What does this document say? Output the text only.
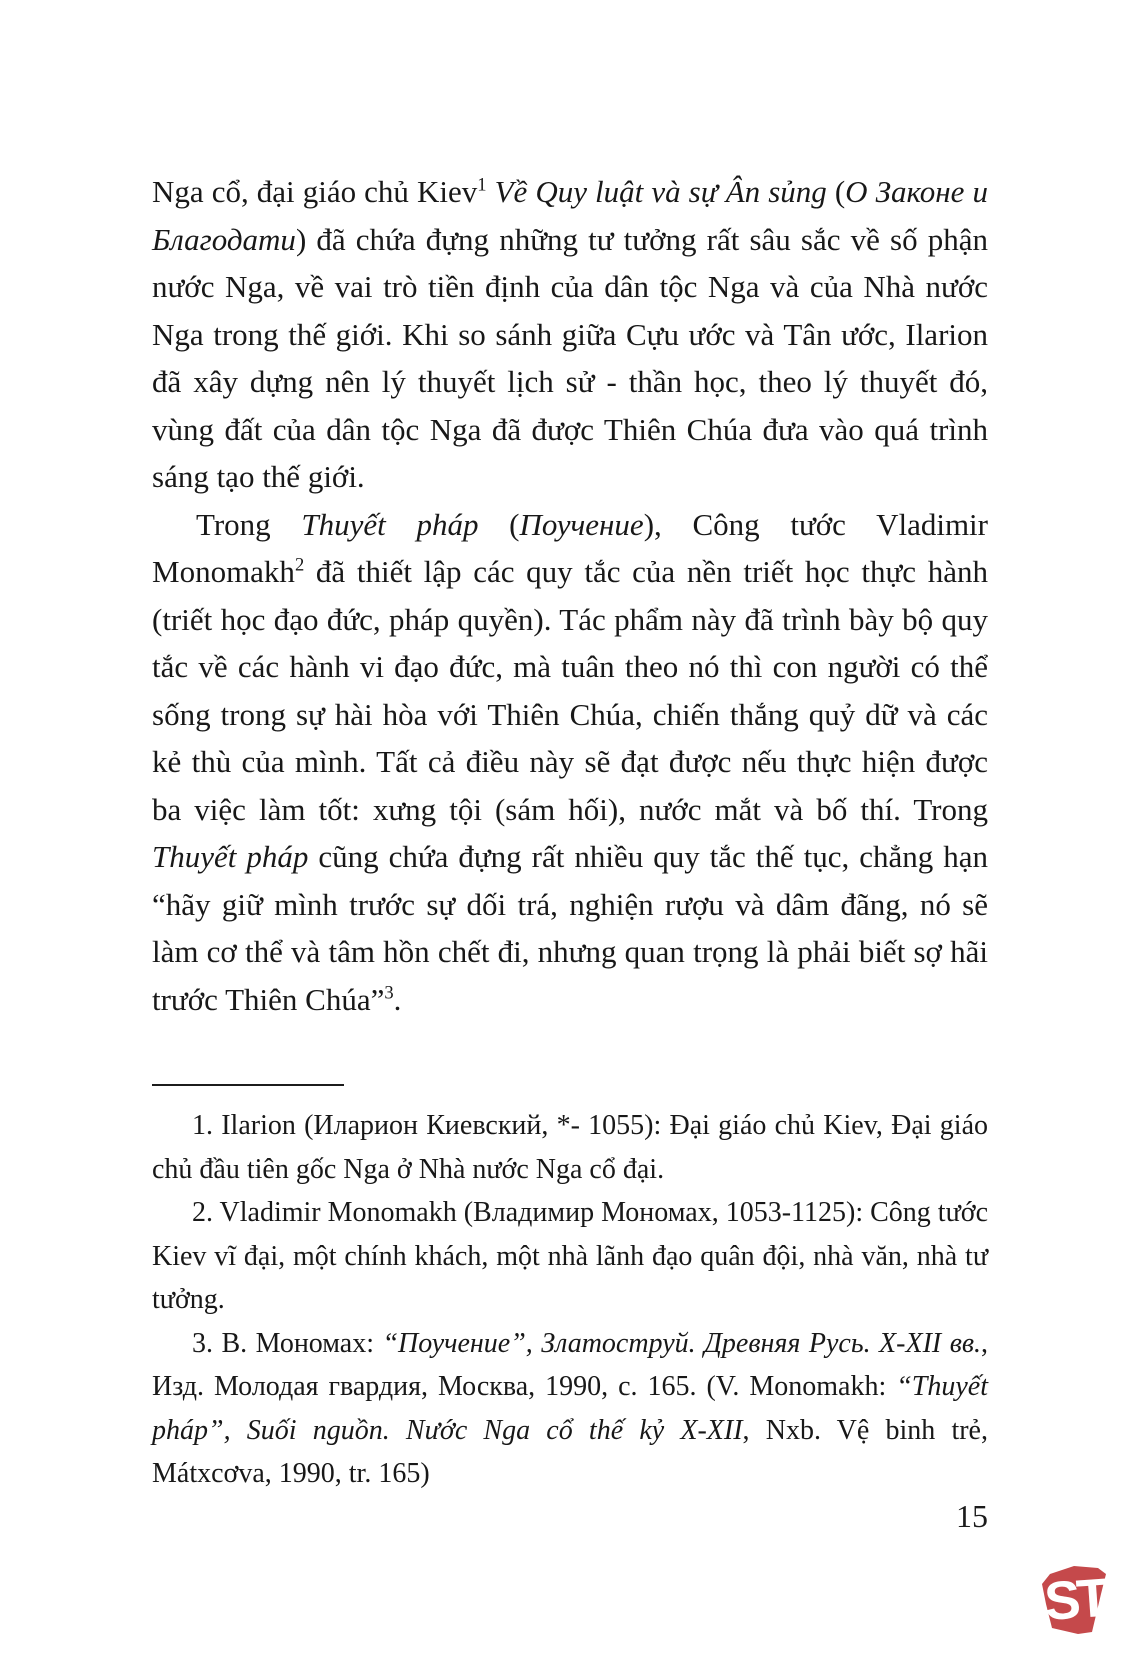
Nga cổ, đại giáo chủ Kiev$^1$ Về Quy luật và sự Ân sủng (О Законе и Благодати) đã chứa đựng những tư tưởng rất sâu sắc về số phận nước Nga, về vai trò tiền định của dân tộc Nga và của Nhà nước Nga trong thế giới. Khi so sánh giữa Cựu ước và Tân ước, Ilarion đã xây dựng nên lý thuyết lịch sử - thần học, theo lý thuyết đó, vùng đất của dân tộc Nga đã được Thiên Chúa đưa vào quá trình sáng tạo thế giới.

Trong Thuyết pháp (Поучение), Công tước Vladimir Monomakh$^2$ đã thiết lập các quy tắc của nền triết học thực hành (triết học đạo đức, pháp quyền). Tác phẩm này đã trình bày bộ quy tắc về các hành vi đạo đức, mà tuân theo nó thì con người có thể sống trong sự hài hòa với Thiên Chúa, chiến thắng quỷ dữ và các kẻ thù của mình. Tất cả điều này sẽ đạt được nếu thực hiện được ba việc làm tốt: xưng tội (sám hối), nước mắt và bố thí. Trong Thuyết pháp cũng chứa đựng rất nhiều quy tắc thế tục, chẳng hạn “hãy giữ mình trước sự dối trá, nghiện rượu và dâm đãng, nó sẽ làm cơ thể và tâm hồn chết đi, nhưng quan trọng là phải biết sợ hãi trước Thiên Chúa”$^3$.

1. Ilarion (Иларион Киевский, *- 1055): Đại giáo chủ Kiev, Đại giáo chủ đầu tiên gốc Nga ở Nhà nước Nga cổ đại.

2. Vladimir Monomakh (Владимир Мономах, 1053-1125): Công tước Kiev vĩ đại, một chính khách, một nhà lãnh đạo quân đội, nhà văn, nhà tư tưởng.

3. В. Мономах: “Поучение”, Златоструй. Древняя Русь. X-XII вв., Изд. Молодая гвардия, Москва, 1990, с. 165. (V. Monomakh: “Thuyết pháp”, Suối nguồn. Nước Nga cổ thế kỷ X-XII, Nxb. Vệ binh trẻ, Mátxcơva, 1990, tr. 165)

15
ST
